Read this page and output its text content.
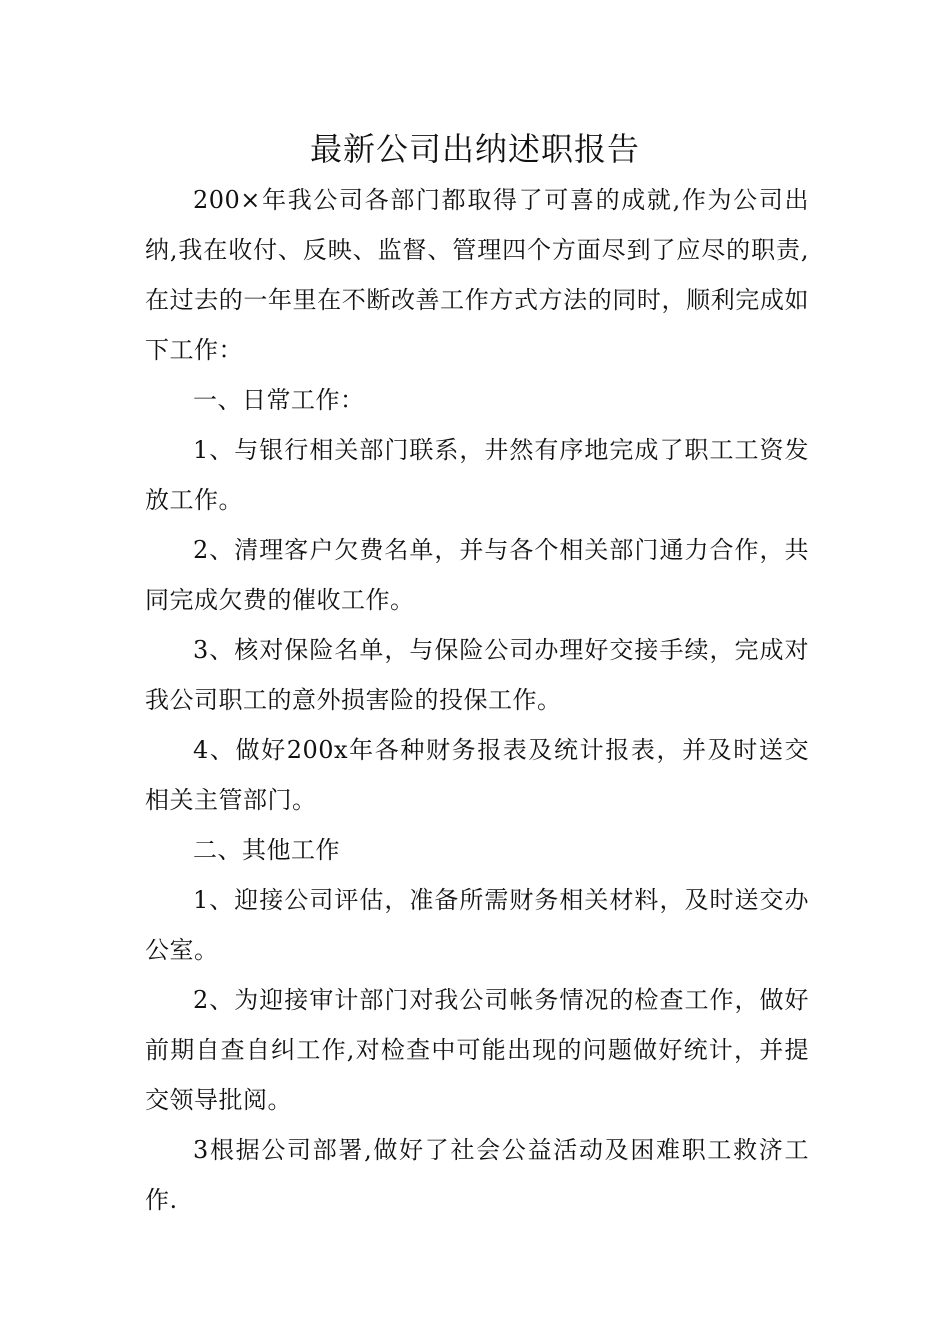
最新公司出纳述职报告

200×年我公司各部门都取得了可喜的成就,作为公司出纳,我在收付、反映、监督、管理四个方面尽到了应尽的职责,在过去的一年里在不断改善工作方式方法的同时，顺利完成如下工作：

一、日常工作：

1、与银行相关部门联系，井然有序地完成了职工工资发放工作。

2、清理客户欠费名单，并与各个相关部门通力合作，共同完成欠费的催收工作。

3、核对保险名单，与保险公司办理好交接手续，完成对我公司职工的意外损害险的投保工作。

4、做好200x年各种财务报表及统计报表，并及时送交相关主管部门。

二、其他工作

1、迎接公司评估，准备所需财务相关材料，及时送交办公室。

2、为迎接审计部门对我公司帐务情况的检查工作，做好前期自查自纠工作,对检查中可能出现的问题做好统计，并提交领导批阅。

3根据公司部署,做好了社会公益活动及困难职工救济工作.
